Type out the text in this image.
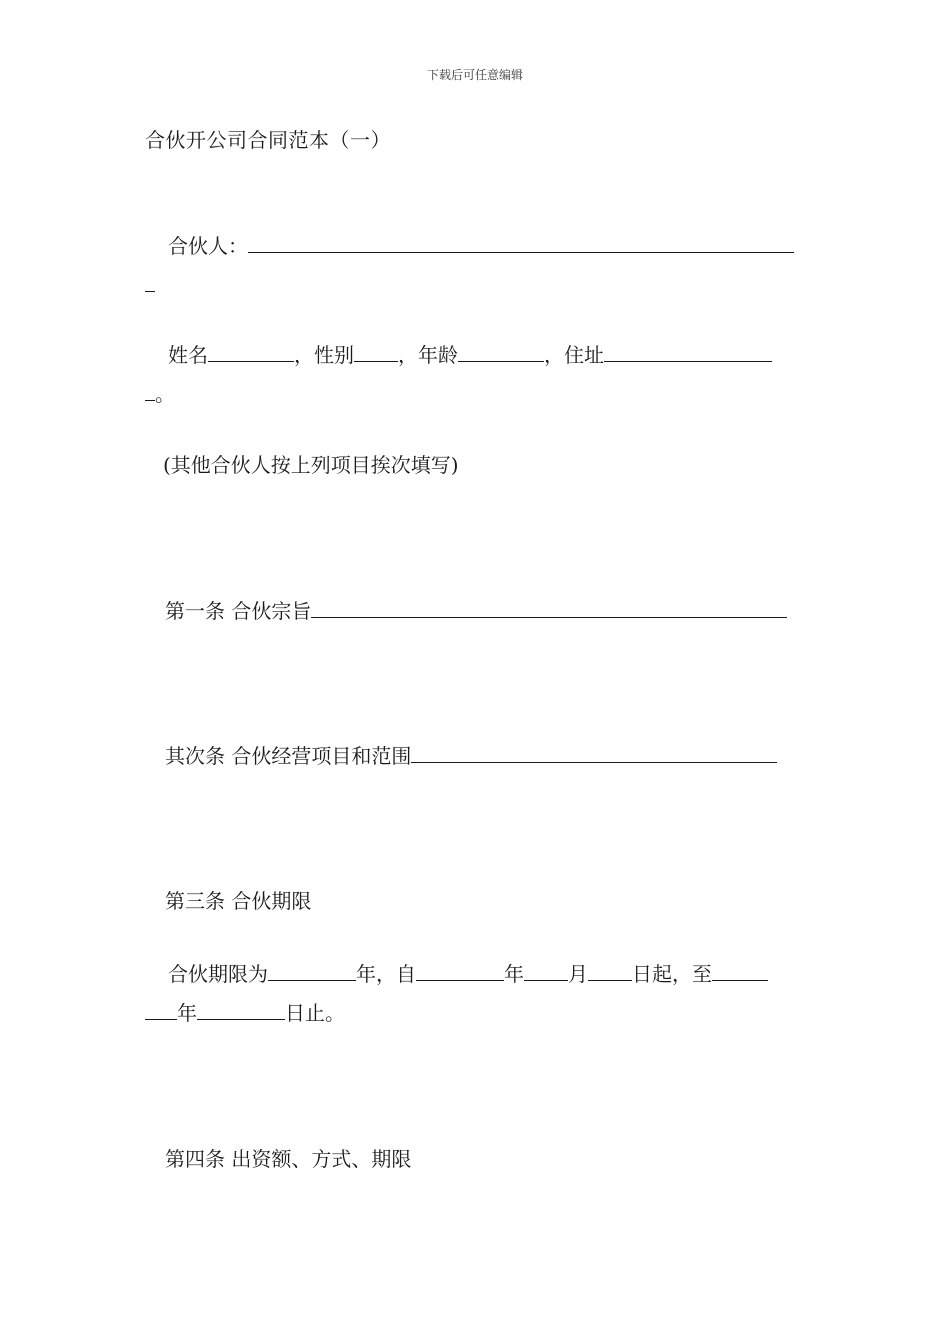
下载后可任意编辑
合伙开公司合同范本（一）
合伙人：
姓名	，性别 ，年龄	，住址
。
(其他合伙人按上列项目挨次填写)
第一条 合伙宗旨
其次条 合伙经营项目和范围
第三条 合伙期限
合伙期限为	年，自	年 月 日起，至
年	日止。
第四条 出资额、方式、期限
